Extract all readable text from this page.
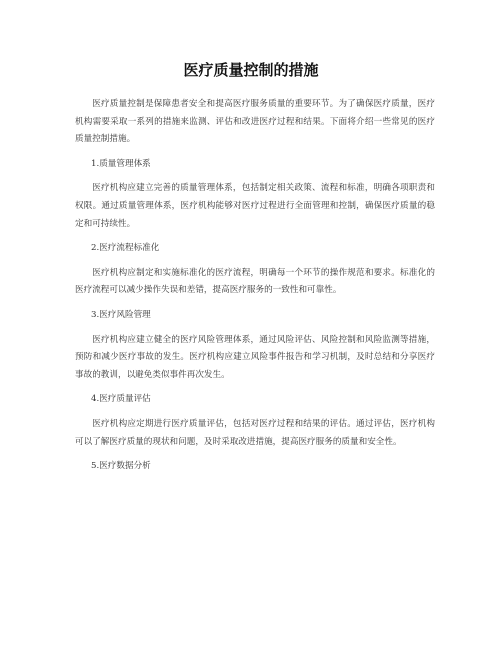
医疗质量控制的措施

医疗质量控制是保障患者安全和提高医疗服务质量的重要环节。为了确保医疗质量，医疗机构需要采取一系列的措施来监测、评估和改进医疗过程和结果。下面将介绍一些常见的医疗质量控制措施。

1.质量管理体系

医疗机构应建立完善的质量管理体系，包括制定相关政策、流程和标准，明确各项职责和权限。通过质量管理体系，医疗机构能够对医疗过程进行全面管理和控制，确保医疗质量的稳定和可持续性。

2.医疗流程标准化

医疗机构应制定和实施标准化的医疗流程，明确每一个环节的操作规范和要求。标准化的医疗流程可以减少操作失误和差错，提高医疗服务的一致性和可靠性。

3.医疗风险管理

医疗机构应建立健全的医疗风险管理体系，通过风险评估、风险控制和风险监测等措施，预防和减少医疗事故的发生。医疗机构应建立风险事件报告和学习机制，及时总结和分享医疗事故的教训，以避免类似事件再次发生。

4.医疗质量评估

医疗机构应定期进行医疗质量评估，包括对医疗过程和结果的评估。通过评估，医疗机构可以了解医疗质量的现状和问题，及时采取改进措施，提高医疗服务的质量和安全性。

5.医疗数据分析
